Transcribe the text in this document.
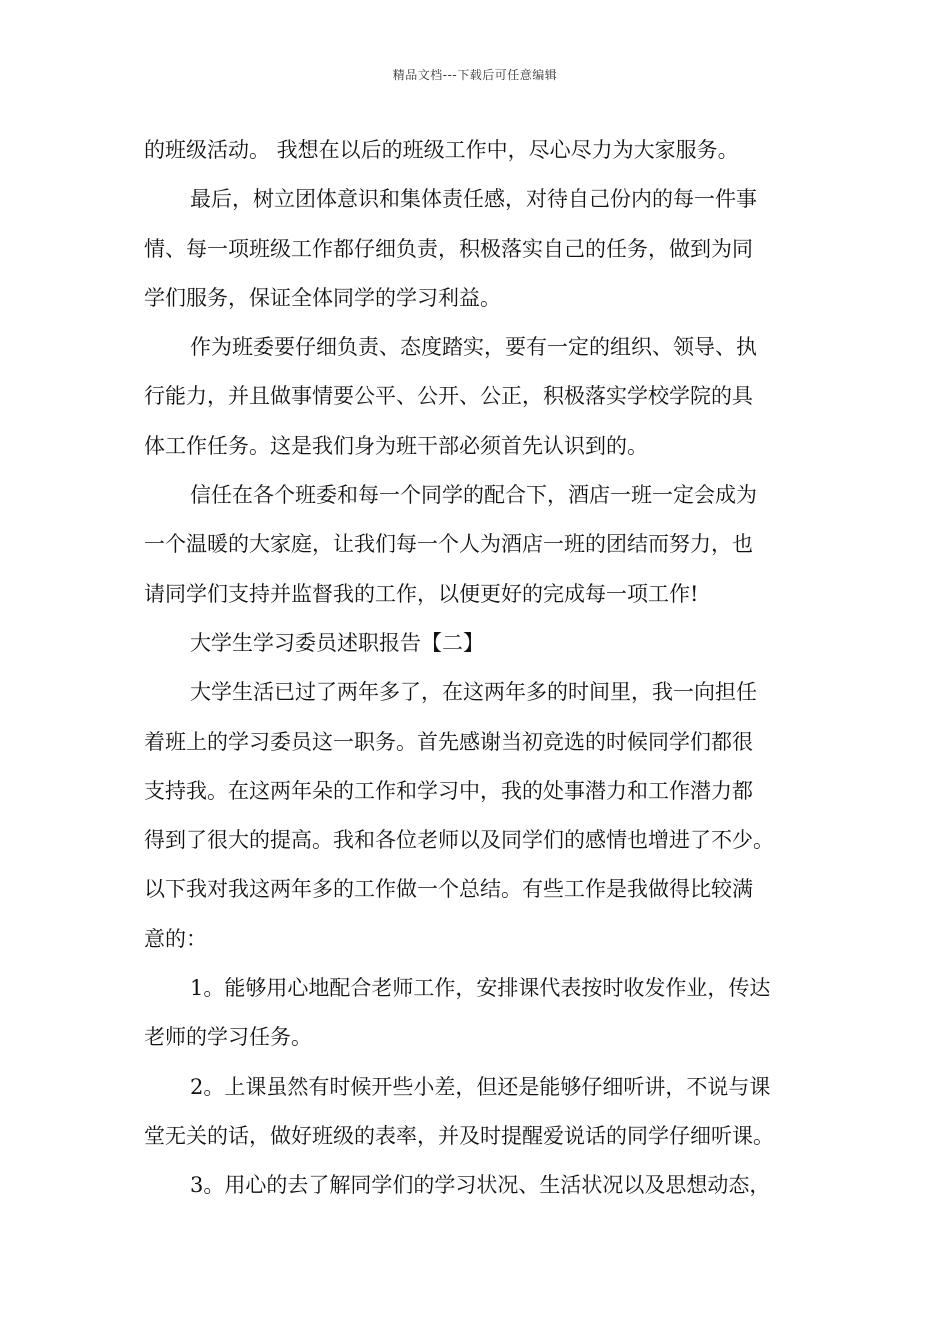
精品文档---下载后可任意编辑
的班级活动。 我想在以后的班级工作中，尽心尽力为大家服务。
最后，树立团体意识和集体责任感，对待自己份内的每一件事
情、每一项班级工作都仔细负责，积极落实自己的任务，做到为同
学们服务，保证全体同学的学习利益。
作为班委要仔细负责、态度踏实，要有一定的组织、领导、执
行能力，并且做事情要公平、公开、公正，积极落实学校学院的具
体工作任务。这是我们身为班干部必须首先认识到的。
信任在各个班委和每一个同学的配合下，酒店一班一定会成为
一个温暖的大家庭，让我们每一个人为酒店一班的团结而努力，也
请同学们支持并监督我的工作，以便更好的完成每一项工作!
大学生学习委员述职报告【二】
大学生活已过了两年多了，在这两年多的时间里，我一向担任
着班上的学习委员这一职务。首先感谢当初竞选的时候同学们都很
支持我。在这两年朵的工作和学习中，我的处事潜力和工作潜力都
得到了很大的提高。我和各位老师以及同学们的感情也增进了不少。
以下我对我这两年多的工作做一个总结。有些工作是我做得比较满
意的：
1。能够用心地配合老师工作，安排课代表按时收发作业，传达
老师的学习任务。
2。上课虽然有时候开些小差，但还是能够仔细听讲，不说与课
堂无关的话，做好班级的表率，并及时提醒爱说话的同学仔细听课。
3。用心的去了解同学们的学习状况、生活状况以及思想动态，
